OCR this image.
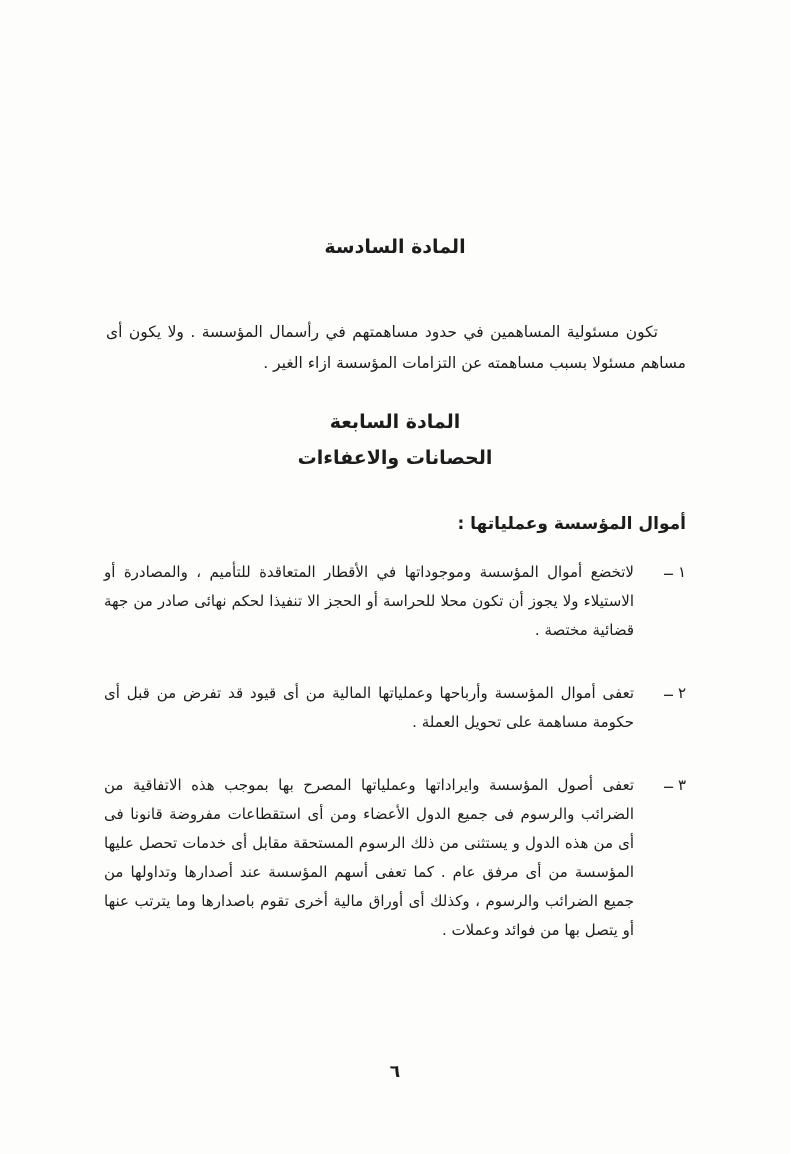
المادة السادسة

تكون مسئولية المساهمين في حدود مساهمتهم في رأسمال المؤسسة . ولا يكون أى مساهم مسئولا بسبب مساهمته عن التزامات المؤسسة ازاء الغير .

المادة السابعة
الحصانات والاعفاءات
أموال المؤسسة وعملياتها :
١
ــ
لاتخضع أموال المؤسسة وموجوداتها في الأقطار المتعاقدة للتأميم ، والمصادرة أو الاستيلاء ولا يجوز أن تكون محلا للحراسة أو الحجز الا تنفيذا لحكم نهائى صادر من جهة قضائية مختصة .
٢
ــ
تعفى أموال المؤسسة وأرباحها وعملياتها المالية من أى قيود قد تفرض من قبل أى حكومة مساهمة على تحويل العملة .
٣
ــ
تعفى أصول المؤسسة وايراداتها وعملياتها المصرح بها بموجب هذه الاتفاقية من الضرائب والرسوم فى جميع الدول الأعضاء ومن أى استقطاعات مفروضة قانونا فى أى من هذه الدول و يستثنى من ذلك الرسوم المستحقة مقابل أى خدمات تحصل عليها المؤسسة من أى مرفق عام . كما تعفى أسهم المؤسسة عند أصدارها وتداولها من جميع الضرائب والرسوم ، وكذلك أى أوراق مالية أخرى تقوم باصدارها وما يترتب عنها أو يتصل بها من فوائد وعملات .
٦
